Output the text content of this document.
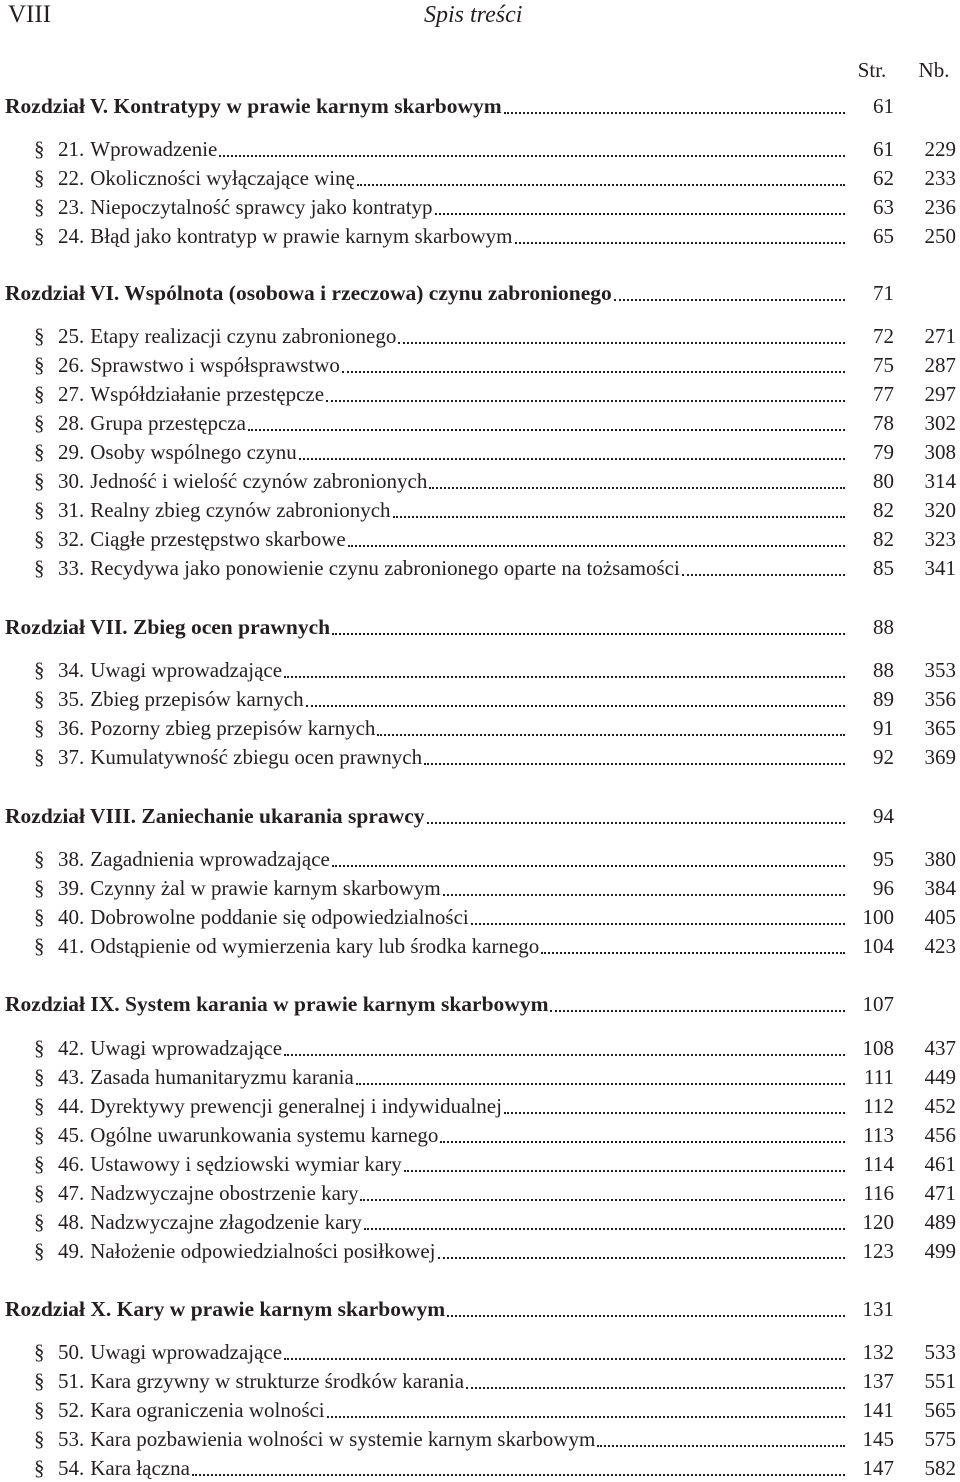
VIII	Spis treści
Str.	Nb.
Rozdział V. Kontratypy w prawie karnym skarbowym	61
§ 21. Wprowadzenie	61	229
§ 22. Okoliczności wyłączające winę	62	233
§ 23. Niepoczytalność sprawcy jako kontratyp	63	236
§ 24. Błąd jako kontratyp w prawie karnym skarbowym	65	250
Rozdział VI. Wspólnota (osobowa i rzeczowa) czynu zabronionego	71
§ 25. Etapy realizacji czynu zabronionego	72	271
§ 26. Sprawstwo i współsprawstwo	75	287
§ 27. Współdziałanie przestępcze	77	297
§ 28. Grupa przestępcza	78	302
§ 29. Osoby wspólnego czynu	79	308
§ 30. Jedność i wielość czynów zabronionych	80	314
§ 31. Realny zbieg czynów zabronionych	82	320
§ 32. Ciągłe przestępstwo skarbowe	82	323
§ 33. Recydywa jako ponowienie czynu zabronionego oparte na tożsamości	85	341
Rozdział VII. Zbieg ocen prawnych	88
§ 34. Uwagi wprowadzające	88	353
§ 35. Zbieg przepisów karnych	89	356
§ 36. Pozorny zbieg przepisów karnych	91	365
§ 37. Kumulatywność zbiegu ocen prawnych	92	369
Rozdział VIII. Zaniechanie ukarania sprawcy	94
§ 38. Zagadnienia wprowadzające	95	380
§ 39. Czynny żal w prawie karnym skarbowym	96	384
§ 40. Dobrowolne poddanie się odpowiedzialności	100	405
§ 41. Odstąpienie od wymierzenia kary lub środka karnego	104	423
Rozdział IX. System karania w prawie karnym skarbowym	107
§ 42. Uwagi wprowadzające	108	437
§ 43. Zasada humanitaryzmu karania	111	449
§ 44. Dyrektywy prewencji generalnej i indywidualnej	112	452
§ 45. Ogólne uwarunkowania systemu karnego	113	456
§ 46. Ustawowy i sędziowski wymiar kary	114	461
§ 47. Nadzwyczajne obostrzenie kary	116	471
§ 48. Nadzwyczajne złagodzenie kary	120	489
§ 49. Nałożenie odpowiedzialności posiłkowej	123	499
Rozdział X. Kary w prawie karnym skarbowym	131
§ 50. Uwagi wprowadzające	132	533
§ 51. Kara grzywny w strukturze środków karania	137	551
§ 52. Kara ograniczenia wolności	141	565
§ 53. Kara pozbawienia wolności w systemie karnym skarbowym	145	575
§ 54. Kara łączna	147	582
